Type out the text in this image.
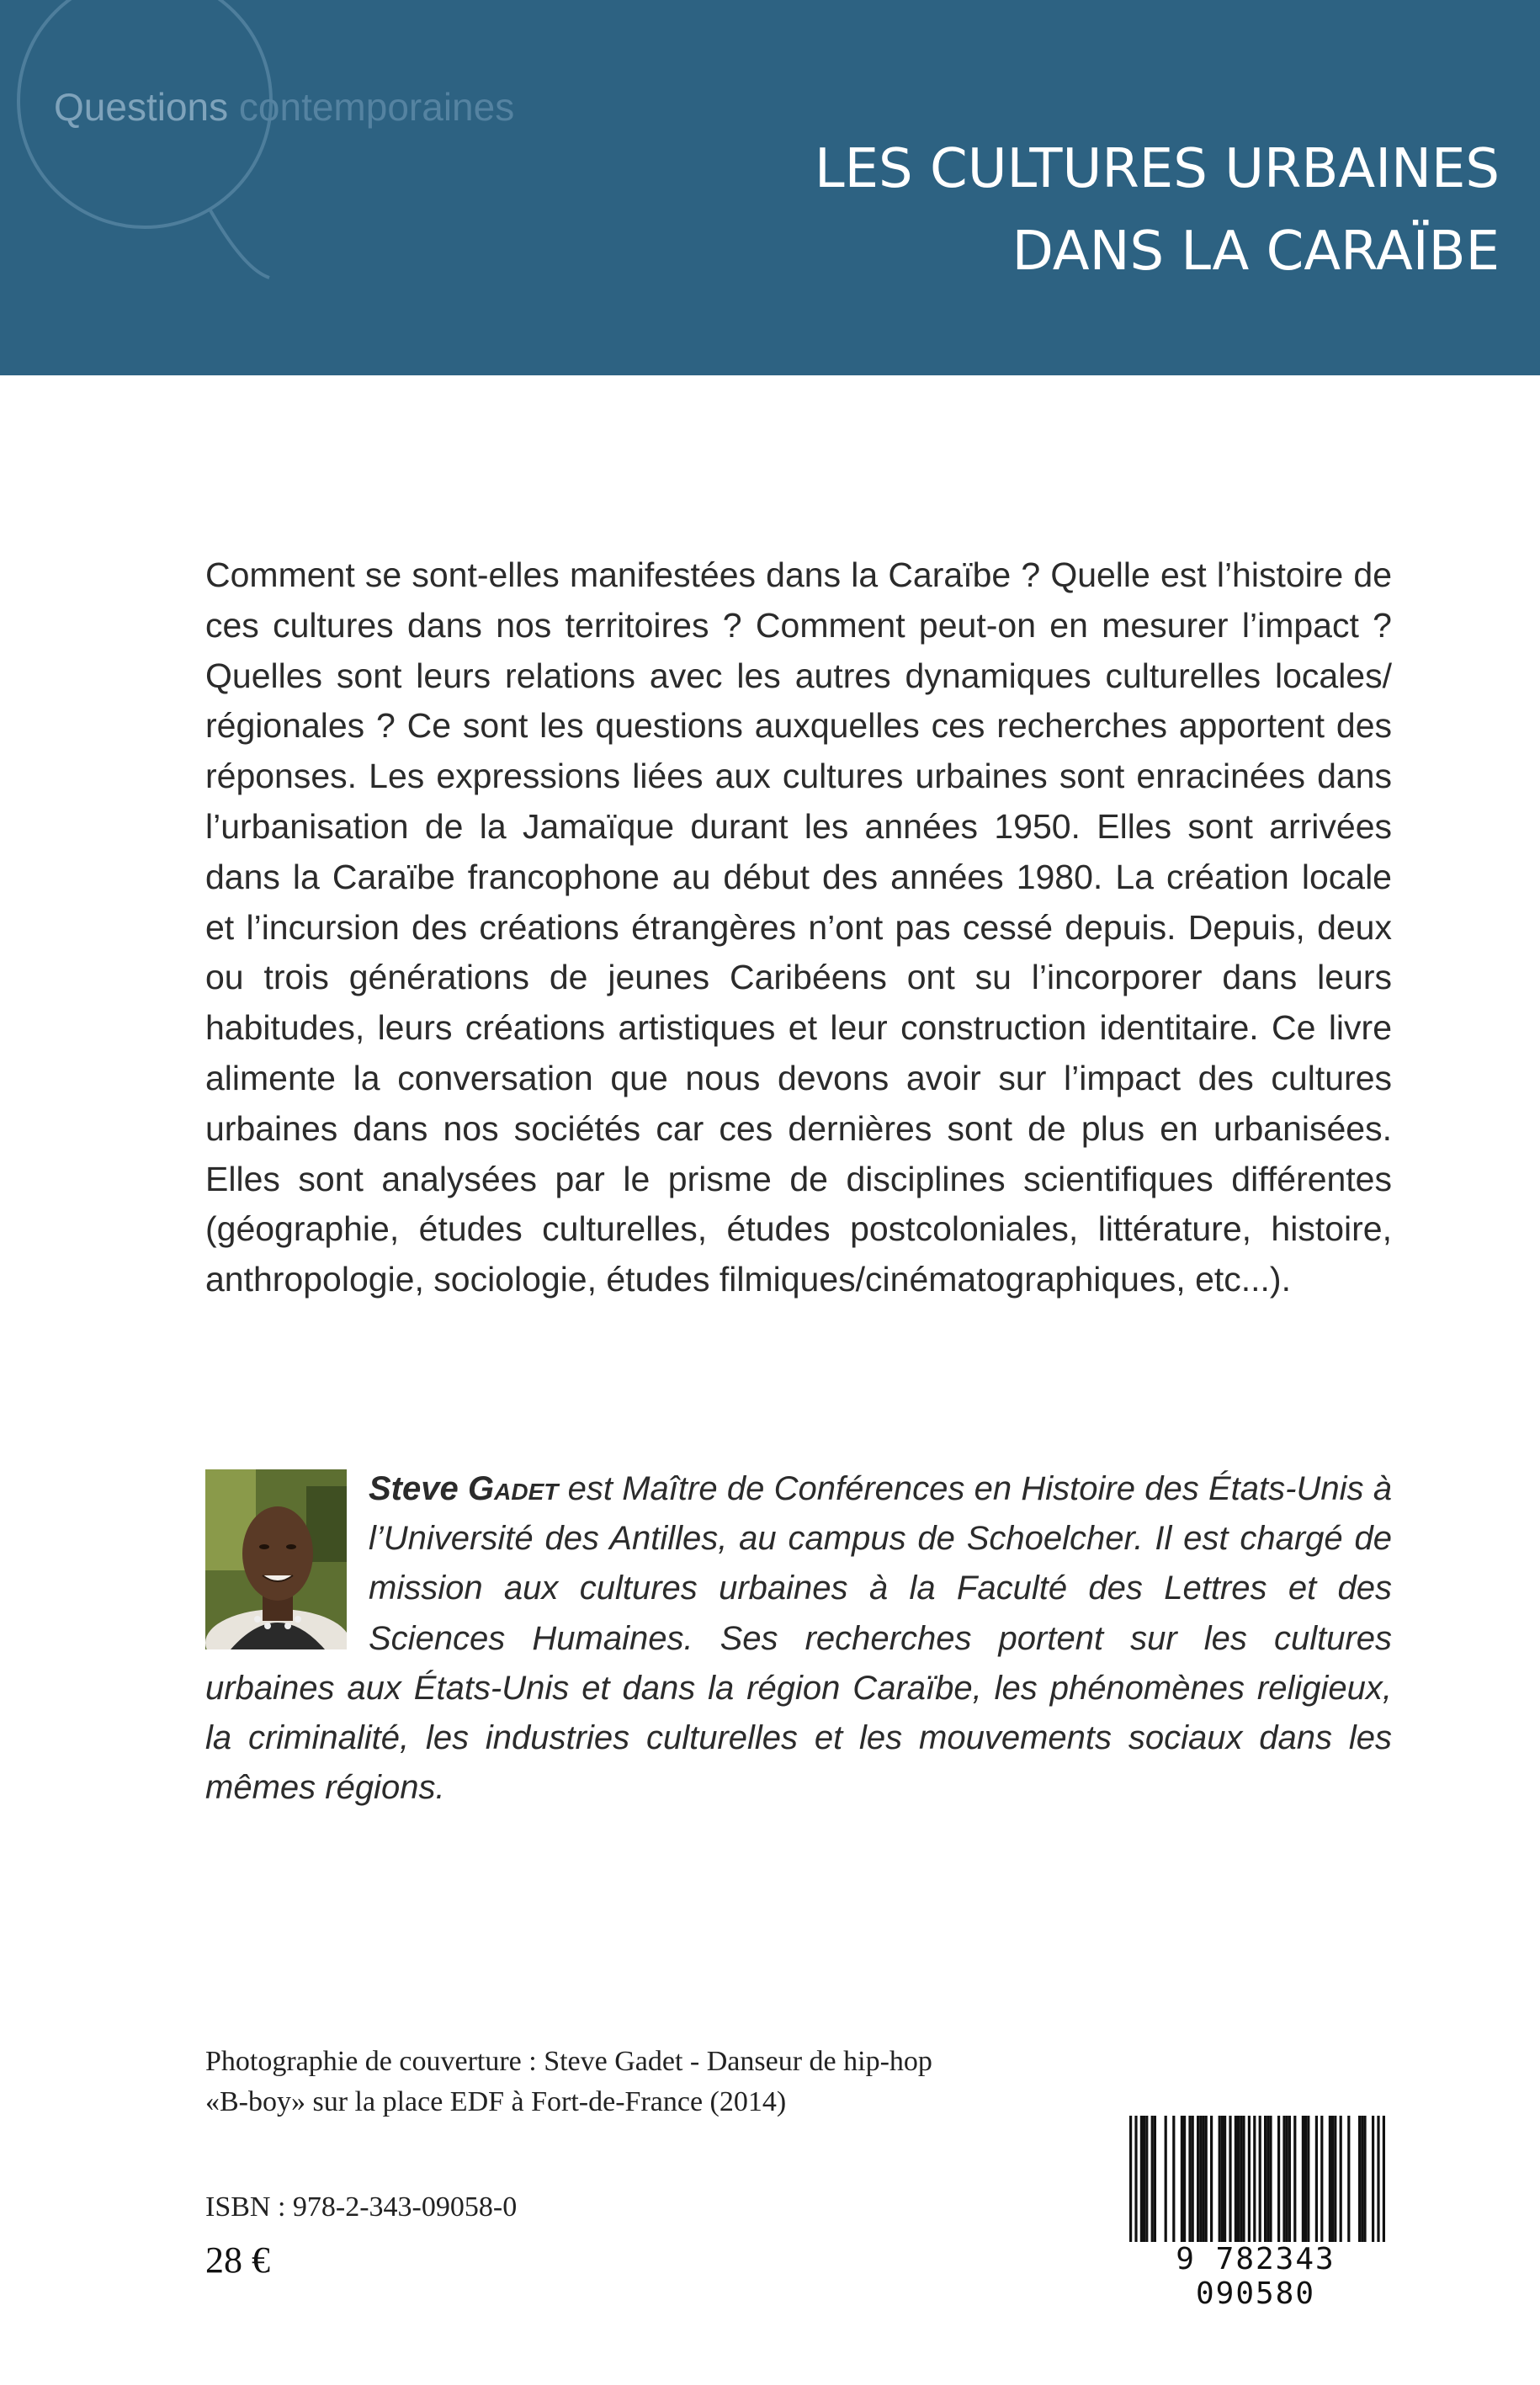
Questions contemporaines
LES CULTURES URBAINES
DANS LA CARAÏBE
Comment se sont-elles manifestées dans la Caraïbe ? Quelle est l’histoire de ces cultures dans nos territoires ? Comment peut-on en mesurer l’impact ? Quelles sont leurs relations avec les autres dynamiques culturelles locales/ régionales ? Ce sont les questions auxquelles ces recherches apportent des réponses. Les expressions liées aux cultures urbaines sont enracinées dans l’urbanisation de la Jamaïque durant les années 1950. Elles sont arrivées dans la Caraïbe francophone au début des années 1980. La création locale et l’incursion des créations étrangères n’ont pas cessé depuis. Depuis, deux ou trois générations de jeunes Caribéens ont su l’incorporer dans leurs habitudes, leurs créations artistiques et leur construction identitaire. Ce livre alimente la conversation que nous devons avoir sur l’impact des cultures urbaines dans nos sociétés car ces dernières sont de plus en urbanisées. Elles sont analysées par le prisme de disciplines scientifiques différentes (géographie, études culturelles, études postcoloniales, littérature, histoire, anthropologie, sociologie, études filmiques/cinématographiques, etc...).
Steve Gadet est Maître de Conférences en Histoire des États-Unis à l’Université des Antilles, au campus de Schoelcher. Il est chargé de mission aux cultures urbaines à la Faculté des Lettres et des Sciences Humaines. Ses recherches portent sur les cultures urbaines aux États-Unis et dans la région Caraïbe, les phénomènes religieux, la criminalité, les industries culturelles et les mouvements sociaux dans les mêmes régions.
Photographie de couverture : Steve Gadet - Danseur de hip-hop
«B-boy» sur la place EDF à Fort-de-France (2014)
ISBN : 978-2-343-09058-0
28 €	9 782343 090580
